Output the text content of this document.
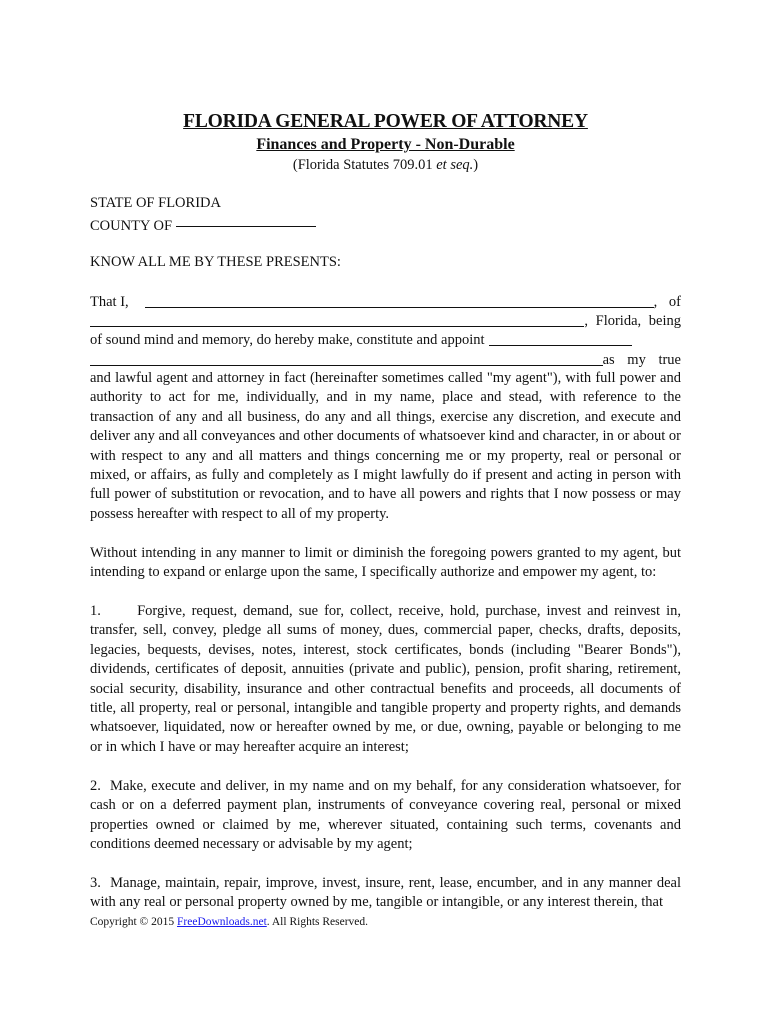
FLORIDA GENERAL POWER OF ATTORNEY
Finances and Property - Non-Durable
(Florida Statutes 709.01 et seq.)
STATE OF FLORIDA
COUNTY OF
KNOW ALL ME BY THESE PRESENTS:
That I,	, of
, Florida, being
of sound mind and memory, do hereby make, constitute and appoint
as my true
and lawful agent and attorney in fact (hereinafter sometimes called "my agent"), with full power and authority to act for me, individually, and in my name, place and stead, with reference to the transaction of any and all business, do any and all things, exercise any discretion, and execute and deliver any and all conveyances and other documents of whatsoever kind and character, in or about or with respect to any and all matters and things concerning me or my property, real or personal or mixed, or affairs, as fully and completely as I might lawfully do if present and acting in person with full power of substitution or revocation, and to have all powers and rights that I now possess or may possess hereafter with respect to all of my property.
Without intending in any manner to limit or diminish the foregoing powers granted to my agent, but intending to expand or enlarge upon the same, I specifically authorize and empower my agent, to:
1.      Forgive, request, demand, sue for, collect, receive, hold, purchase, invest and reinvest in, transfer, sell, convey, pledge all sums of money, dues, commercial paper, checks, drafts, deposits, legacies, bequests, devises, notes, interest, stock certificates, bonds (including "Bearer Bonds"), dividends, certificates of deposit, annuities (private and public), pension, profit sharing, retirement, social security, disability, insurance and other contractual benefits and proceeds, all documents of title, all property, real or personal, intangible and tangible property and property rights, and demands whatsoever, liquidated, now or hereafter owned by me, or due, owning, payable or belonging to me or in which I have or may hereafter acquire an interest;
2.  Make, execute and deliver, in my name and on my behalf, for any consideration whatsoever, for cash or on a deferred payment plan, instruments of conveyance covering real, personal or mixed properties owned or claimed by me, wherever situated, containing such terms, covenants and conditions deemed necessary or advisable by my agent;
3.  Manage, maintain, repair, improve, invest, insure, rent, lease, encumber, and in any manner deal with any real or personal property owned by me, tangible or intangible, or any interest therein, that
Copyright © 2015 FreeDownloads.net. All Rights Reserved.
